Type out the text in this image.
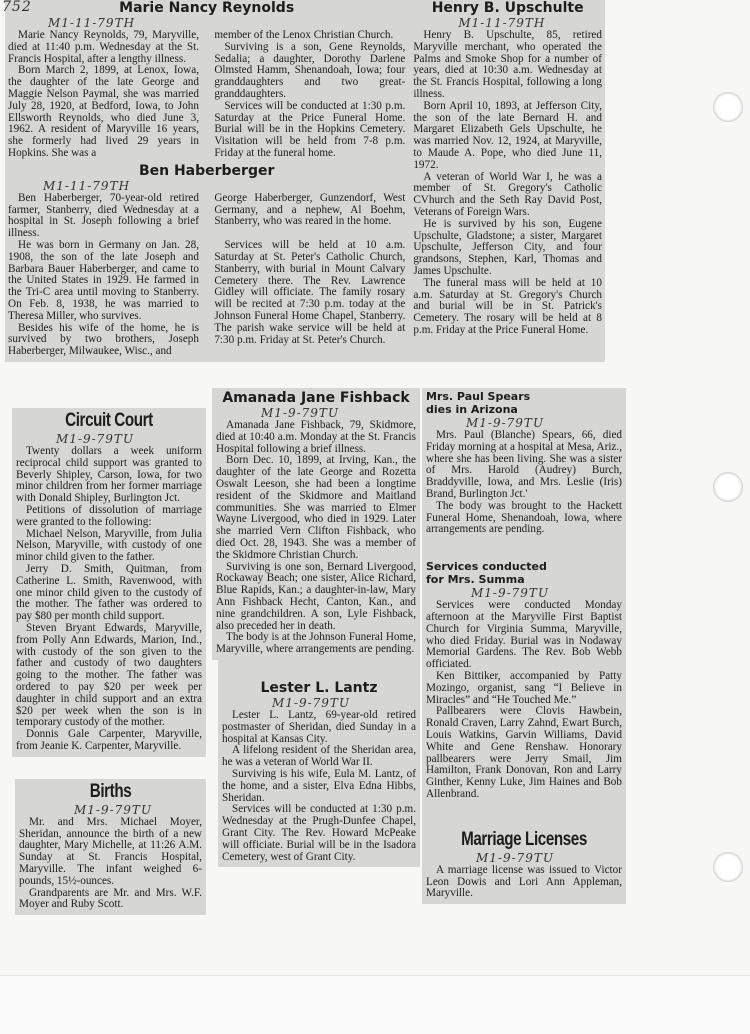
752	Marie Nancy Reynolds
M1-11-79TH

Marie Nancy Reynolds, 79, Maryville, died at 11:40 p.m. Wednesday at the St. Francis Hospital, after a lengthy illness.

Born March 2, 1899, at Lenox, Iowa, the daughter of the late George and Maggie Nelson Paymal, she was married July 28, 1920, at Bedford, Iowa, to John Ellsworth Reynolds, who died June 3, 1962. A resident of Maryville 16 years, she formerly had lived 29 years in Hopkins. She was a

member of the Lenox Christian Church.

Surviving is a son, Gene Reynolds, Sedalia; a daughter, Dorothy Darlene Olmsted Hamm, Shenandoah, Iowa; four granddaughters and two great-granddaughters.

Services will be conducted at 1:30 p.m. Saturday at the Price Funeral Home. Burial will be in the Hopkins Cemetery. Visitation will be held from 7-8 p.m. Friday at the funeral home.

Ben Haberberger
M1-11-79TH

Ben Haberberger, 70-year-old retired farmer, Stanberry, died Wednesday at a hospital in St. Joseph following a brief illness.

He was born in Germany on Jan. 28, 1908, the son of the late Joseph and Barbara Bauer Haberberger, and came to the United States in 1929. He farmed in the Tri-C area until moving to Stanberry. On Feb. 8, 1938, he was married to Theresa Miller, who survives.

Besides his wife of the home, he is survived by two brothers, Joseph Haberberger, Milwaukee, Wisc., and

George Haberberger, Gunzendorf, West Germany, and a nephew, Al Boehm, Stanberry, who was reared in the home.

Services will be held at 10 a.m. Saturday at St. Peter's Catholic Church, Stanberry, with burial in Mount Calvary Cemetery there. The Rev. Lawrence Gidley will officiate. The family rosary will be recited at 7:30 p.m. today at the Johnson Funeral Home Chapel, Stanberry. The parish wake service will be held at 7:30 p.m. Friday at St. Peter's Church.

Henry B. Upschulte
M1-11-79TH

Henry B. Upschulte, 85, retired Maryville merchant, who operated the Palms and Smoke Shop for a number of years, died at 10:30 a.m. Wednesday at the St. Francis Hospital, following a long illness.

Born April 10, 1893, at Jefferson City, the son of the late Bernard H. and Margaret Elizabeth Gels Upschulte, he was married Nov. 12, 1924, at Maryville, to Maude A. Pope, who died June 11, 1972.

A veteran of World War I, he was a member of St. Gregory's Catholic CVhurch and the Seth Ray David Post, Veterans of Foreign Wars.

He is survived by his son, Eugene Upschulte, Gladstone; a sister, Margaret Upschulte, Jefferson City, and four grandsons, Stephen, Karl, Thomas and James Upschulte.

The funeral mass will be held at 10 a.m. Saturday at St. Gregory's Church and burial will be in St. Patrick's Cemetery. The rosary will be held at 8 p.m. Friday at the Price Funeral Home.

Circuit Court
M1-9-79TU

Twenty dollars a week uniform reciprocal child support was granted to Beverly Shipley, Carson, Iowa, for two minor children from her former marriage with Donald Shipley, Burlington Jct.

Petitions of dissolution of marriage were granted to the following:

Michael Nelson, Maryville, from Julia Nelson, Maryville, with custody of one minor child given to the father.

Jerry D. Smith, Quitman, from Catherine L. Smith, Ravenwood, with one minor child given to the custody of the mother. The father was ordered to pay $80 per month child support.

Steven Bryant Edwards, Maryville, from Polly Ann Edwards, Marion, Ind., with custody of the son given to the father and custody of two daughters going to the mother. The father was ordered to pay $20 per week per daughter in child support and an extra $20 per week when the son is in temporary custody of the mother.

Donnis Gale Carpenter, Maryville, from Jeanie K. Carpenter, Maryville.

Births
M1-9-79TU

Mr. and Mrs. Michael Moyer, Sheridan, announce the birth of a new daughter, Mary Michelle, at 11:26 A.M. Sunday at St. Francis Hospital, Maryville. The infant weighed 6-pounds, 15½-ounces.

Grandparents are Mr. and Mrs. W.F. Moyer and Ruby Scott.

Amanada Jane Fishback
M1-9-79TU

Amanada Jane Fishback, 79, Skidmore, died at 10:40 a.m. Monday at the St. Francis Hospital following a brief illness.

Born Dec. 10, 1899, at Irving, Kan., the daughter of the late George and Rozetta Oswalt Leeson, she had been a longtime resident of the Skidmore and Maitland communities. She was married to Elmer Wayne Livergood, who died in 1929. Later she married Vern Clifton Fishback, who died Oct. 28, 1943. She was a member of the Skidmore Christian Church.

Surviving is one son, Bernard Livergood, Rockaway Beach; one sister, Alice Richard, Blue Rapids, Kan.; a daughter-in-law, Mary Ann Fishback Hecht, Canton, Kan., and nine grandchildren. A son, Lyle Fishback, also preceded her in death.

The body is at the Johnson Funeral Home, Maryville, where arrangements are pending.

Lester L. Lantz
M1-9-79TU

Lester L. Lantz, 69-year-old retired postmaster of Sheridan, died Sunday in a hospital at Kansas City.

A lifelong resident of the Sheridan area, he was a veteran of World War II.

Surviving is his wife, Eula M. Lantz, of the home, and a sister, Elva Edna Hibbs, Sheridan.

Services will be conducted at 1:30 p.m. Wednesday at the Prugh-Dunfee Chapel, Grant City. The Rev. Howard McPeake will officiate. Burial will be in the Isadora Cemetery, west of Grant City.

Mrs. Paul Spears
dies in Arizona
M1-9-79TU

Mrs. Paul (Blanche) Spears, 66, died Friday morning at a hospital at Mesa, Ariz., where she has been living. She was a sister of Mrs. Harold (Audrey) Burch, Braddyville, Iowa, and Mrs. Leslie (Iris) Brand, Burlington Jct.'

The body was brought to the Hackett Funeral Home, Shenandoah, Iowa, where arrangements are pending.

Services conducted
for Mrs. Summa
M1-9-79TU

Services were conducted Monday afternoon at the Maryville First Baptist Church for Virginia Summa, Maryville, who died Friday. Burial was in Nodaway Memorial Gardens. The Rev. Bob Webb officiated.

Ken Bittiker, accompanied by Patty Mozingo, organist, sang “I Believe in Miracles” and “He Touched Me.”

Pallbearers were Clovis Hawbein, Ronald Craven, Larry Zahnd, Ewart Burch, Louis Watkins, Garvin Williams, David White and Gene Renshaw. Honorary pallbearers were Jerry Smail, Jim Hamilton, Frank Donovan, Ron and Larry Ginther, Kenny Luke, Jim Haines and Bob Allenbrand.

Marriage Licenses
M1-9-79TU

A marriage license was issued to Victor Leon Dowis and Lori Ann Appleman, Maryville.
